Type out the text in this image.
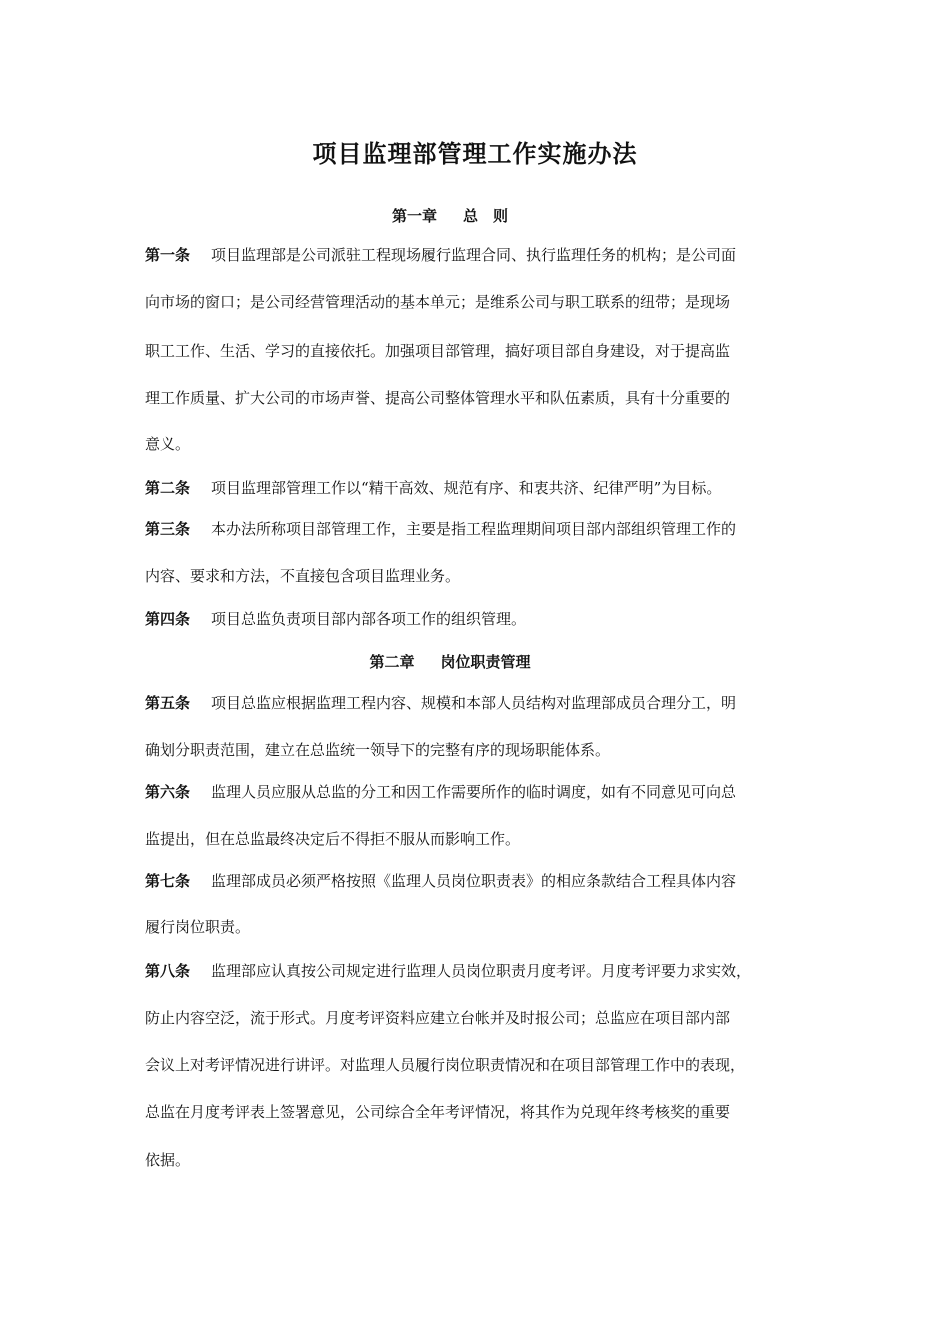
项目监理部管理工作实施办法
第一章 总　则

第一条 项目监理部是公司派驻工程现场履行监理合同、执行监理任务的机构；是公司面

向市场的窗口；是公司经营管理活动的基本单元；是维系公司与职工联系的纽带；是现场

职工工作、生活、学习的直接依托。加强项目部管理，搞好项目部自身建设，对于提高监

理工作质量、扩大公司的市场声誉、提高公司整体管理水平和队伍素质，具有十分重要的

意义。

第二条 项目监理部管理工作以“精干高效、规范有序、和衷共济、纪律严明”为目标。

第三条 本办法所称项目部管理工作，主要是指工程监理期间项目部内部组织管理工作的

内容、要求和方法，不直接包含项目监理业务。

第四条 项目总监负责项目部内部各项工作的组织管理。

第二章 岗位职责管理

第五条 项目总监应根据监理工程内容、规模和本部人员结构对监理部成员合理分工，明

确划分职责范围，建立在总监统一领导下的完整有序的现场职能体系。

第六条 监理人员应服从总监的分工和因工作需要所作的临时调度，如有不同意见可向总

监提出，但在总监最终决定后不得拒不服从而影响工作。

第七条 监理部成员必须严格按照《监理人员岗位职责表》的相应条款结合工程具体内容

履行岗位职责。

第八条 监理部应认真按公司规定进行监理人员岗位职责月度考评。月度考评要力求实效，

防止内容空泛，流于形式。月度考评资料应建立台帐并及时报公司；总监应在项目部内部

会议上对考评情况进行讲评。对监理人员履行岗位职责情况和在项目部管理工作中的表现，

总监在月度考评表上签署意见，公司综合全年考评情况，将其作为兑现年终考核奖的重要

依据。
